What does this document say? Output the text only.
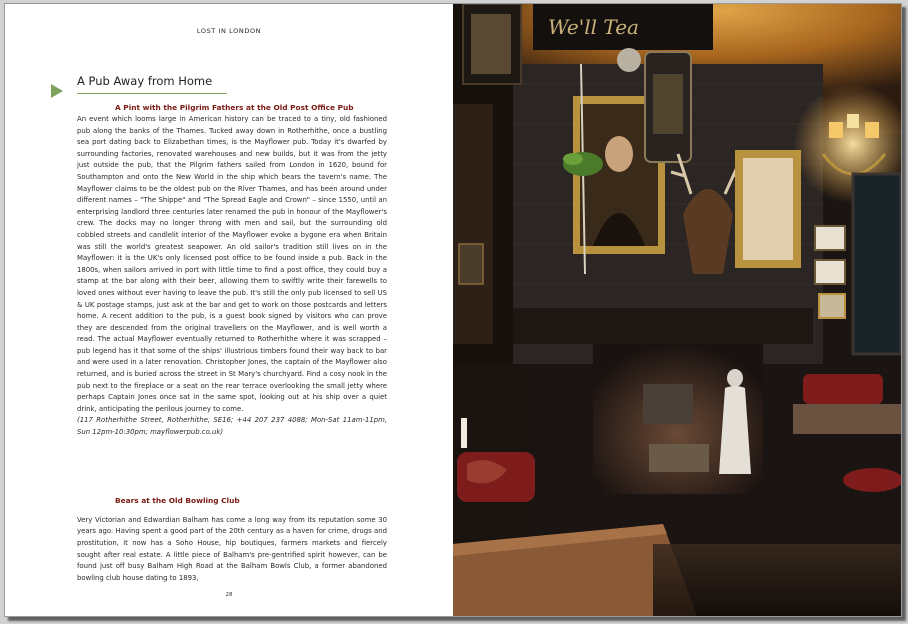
LOST IN LONDON
A Pub Away from Home
A Pint with the Pilgrim Fathers at the Old Post Office Pub

An event which looms large in American history can be traced to a tiny, old fashioned pub along the banks of the Thames. Tucked away down in Rotherhithe, once a bustling sea port dating back to Elizabethan times, is the Mayflower pub. Today it's dwarfed by surrounding factories, renovated warehouses and new builds, but it was from the jetty just outside the pub, that the Pilgrim fathers sailed from London in 1620, bound for Southampton and onto the New World in the ship which bears the tavern's name. The Mayflower claims to be the oldest pub on the River Thames, and has been around under different names – "The Shippe" and "The Spread Eagle and Crown" – since 1550, until an enterprising landlord three centuries later renamed the pub in honour of the Mayflower's crew. The docks may no longer throng with men and sail, but the surrounding old cobbled streets and candlelit interior of the Mayflower evoke a bygone era when Britain was still the world's greatest seapower. An old sailor's tradition still lives on in the Mayflower: it is the UK's only licensed post office to be found inside a pub. Back in the 1800s, when sailors arrived in port with little time to find a post office, they could buy a stamp at the bar along with their beer, allowing them to swiftly write their farewells to loved ones without ever having to leave the pub. It's still the only pub licensed to sell US & UK postage stamps, just ask at the bar and get to work on those postcards and letters home. A recent addition to the pub, is a guest book signed by visitors who can prove they are descended from the original travellers on the Mayflower, and is well worth a read. The actual Mayflower eventually returned to Rotherhithe where it was scrapped – pub legend has it that some of the ships' illustrious timbers found their way back to bar and were used in a later renovation. Christopher Jones, the captain of the Mayflower also returned, and is buried across the street in St Mary's churchyard. Find a cosy nook in the pub next to the fireplace or a seat on the rear terrace overlooking the small jetty where perhaps Captain Jones once sat in the same spot, looking out at his ship over a quiet drink, anticipating the perilous journey to come.

(117 Rotherhithe Street, Rotherhithe, SE16; +44 207 237 4088; Mon-Sat 11am-11pm, Sun 12pm-10:30pm; mayflowerpub.co.uk)

Bears at the Old Bowling Club

Very Victorian and Edwardian Balham has come a long way from its reputation some 30 years ago. Having spent a good part of the 20th century as a haven for crime, drugs and prostitution, it now has a Soho House, hip boutiques, farmers markets and fiercely sought after real estate. A little piece of Balham's pre-gentrified spirit however, can be found just off busy Balham High Road at the Balham Bowls Club, a former abandoned bowling club house dating to 1893,

28
We'll Tea
